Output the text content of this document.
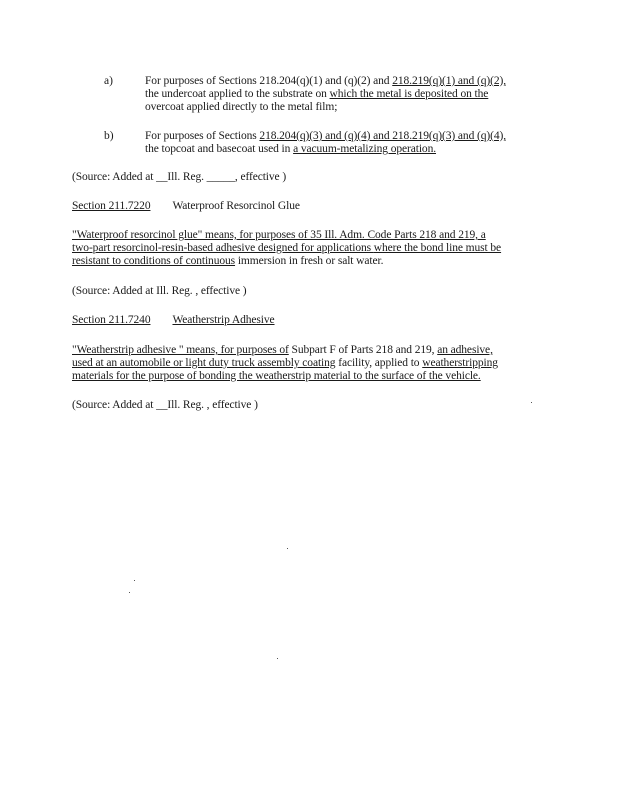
a)	For purposes of Sections 218.204(q)(1) and (q)(2) and 218.219(q)(1) and (q)(2),
the undercoat applied to the substrate on which the metal is deposited on the
overcoat applied directly to the metal film;
b)	For purposes of Sections 218.204(q)(3) and (q)(4) and 218.219(q)(3) and (q)(4),
the topcoat and basecoat used in a vacuum-metalizing operation.
(Source: Added at __Ill. Reg. _____, effective )
Section 211.7220 Waterproof Resorcinol Glue
"Waterproof resorcinol glue" means, for purposes of 35 Ill. Adm. Code Parts 218 and 219, a
two-part resorcinol-resin-based adhesive designed for applications where the bond line must be
resistant to conditions of continuous immersion in fresh or salt water.
(Source: Added at Ill. Reg. , effective )
Section 211.7240 Weatherstrip Adhesive
"Weatherstrip adhesive " means, for purposes of Subpart F of Parts 218 and 219, an adhesive,
used at an automobile or light duty truck assembly coating facility, applied to weatherstripping
materials for the purpose of bonding the weatherstrip material to the surface of the vehicle.
(Source: Added at __Ill. Reg. , effective )
